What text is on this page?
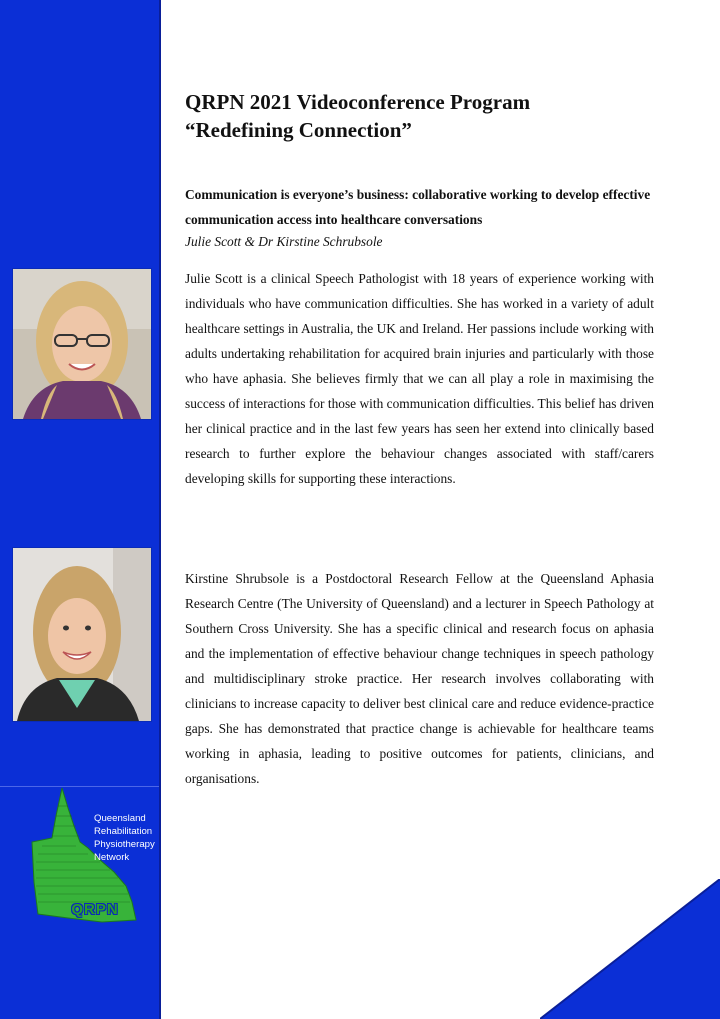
Queensland
Rehabilitation
Physiotherapy
Network
QRPN
QRPN 2021 Videoconference Program
“Redefining Connection”
Communication is everyone’s business: collaborative working to develop effective communication access into healthcare conversations
Julie Scott & Dr Kirstine Schrubsole
Julie Scott is a clinical Speech Pathologist with 18 years of experience working with individuals who have communication difficulties. She has worked in a variety of adult healthcare settings in Australia, the UK and Ireland. Her passions include working with adults undertaking rehabilitation for acquired brain injuries and particularly with those who have aphasia. She believes firmly that we can all play a role in maximising the success of interactions for those with communication difficulties. This belief has driven her clinical practice and in the last few years has seen her extend into clinically based research to further explore the behaviour changes associated with staff/carers developing skills for supporting these interactions.
Kirstine Shrubsole is a Postdoctoral Research Fellow at the Queensland Aphasia Research Centre (The University of Queensland) and a lecturer in Speech Pathology at Southern Cross University. She has a specific clinical and research focus on aphasia and the implementation of effective behaviour change techniques in speech pathology and multidisciplinary stroke practice. Her research involves collaborating with clinicians to increase capacity to deliver best clinical care and reduce evidence-practice gaps. She has demonstrated that practice change is achievable for healthcare teams working in aphasia, leading to positive outcomes for patients, clinicians, and organisations.
